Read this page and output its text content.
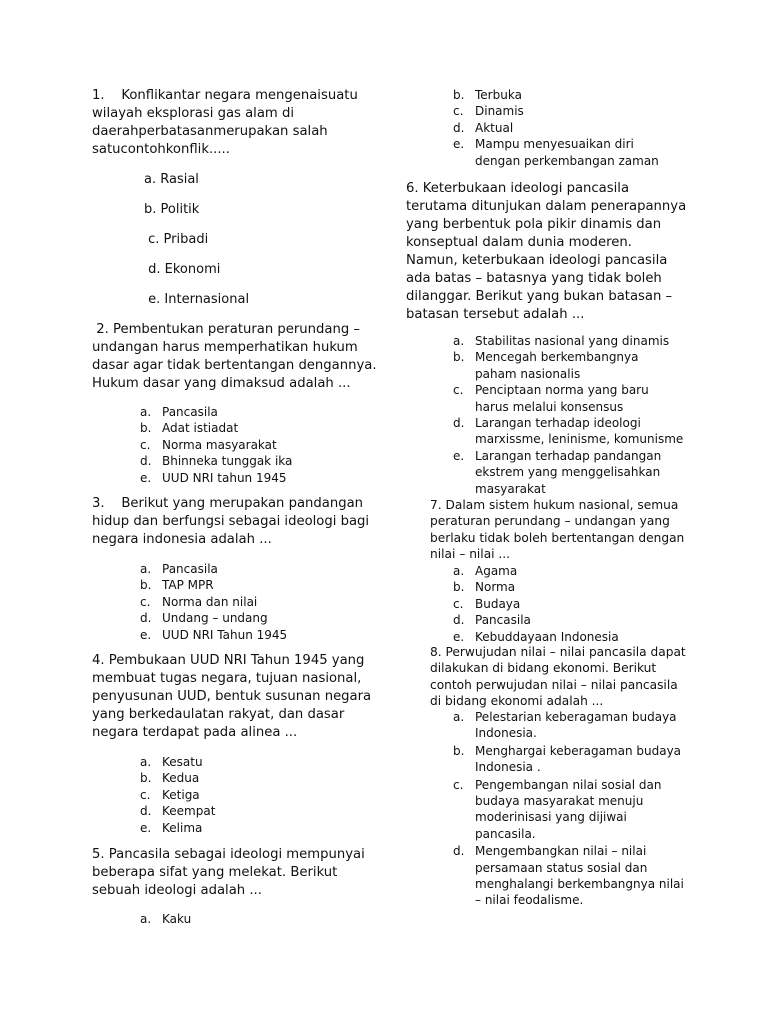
1.    Konflikantar negara mengenaisuatu
wilayah eksplorasi gas alam di
daerahperbatasanmerupakan salah
satucontohkonflik.....
a. Rasial
b. Politik
c. Pribadi
d. Ekonomi
e. Internasional
2. Pembentukan peraturan perundang –
undangan harus memperhatikan hukum
dasar agar tidak bertentangan dengannya.
Hukum dasar yang dimaksud adalah ...
a. Pancasila
b. Adat istiadat
c. Norma masyarakat
d. Bhinneka tunggak ika
e. UUD NRI tahun 1945
3.    Berikut yang merupakan pandangan
hidup dan berfungsi sebagai ideologi bagi
negara indonesia adalah ...
a. Pancasila
b. TAP MPR
c. Norma dan nilai
d. Undang – undang
e. UUD NRI Tahun 1945
4. Pembukaan UUD NRI Tahun 1945 yang
membuat tugas negara, tujuan nasional,
penyusunan UUD, bentuk susunan negara
yang berkedaulatan rakyat, dan dasar
negara terdapat pada alinea ...
a. Kesatu
b. Kedua
c. Ketiga
d. Keempat
e. Kelima
5. Pancasila sebagai ideologi mempunyai
beberapa sifat yang melekat. Berikut
sebuah ideologi adalah ...
a. Kaku
b. Terbuka
c. Dinamis
d. Aktual
e. Mampu menyesuaikan diri
dengan perkembangan zaman
6. Keterbukaan ideologi pancasila
terutama ditunjukan dalam penerapannya
yang berbentuk pola pikir dinamis dan
konseptual dalam dunia moderen.
Namun, keterbukaan ideologi pancasila
ada batas – batasnya yang tidak boleh
dilanggar. Berikut yang bukan batasan –
batasan tersebut adalah ...
a. Stabilitas nasional yang dinamis
b. Mencegah berkembangnya
paham nasionalis
c. Penciptaan norma yang baru
harus melalui konsensus
d. Larangan terhadap ideologi
marxissme, leninisme, komunisme
e. Larangan terhadap pandangan
ekstrem yang menggelisahkan
masyarakat
7. Dalam sistem hukum nasional, semua
peraturan perundang – undangan yang
berlaku tidak boleh bertentangan dengan
nilai – nilai ...
a. Agama
b. Norma
c. Budaya
d. Pancasila
e. Kebuddayaan Indonesia
8. Perwujudan nilai – nilai pancasila dapat
dilakukan di bidang ekonomi. Berikut
contoh perwujudan nilai – nilai pancasila
di bidang ekonomi adalah ...
a. Pelestarian keberagaman budaya
Indonesia.
b. Menghargai keberagaman budaya
Indonesia .
c. Pengembangan nilai sosial dan
budaya masyarakat menuju
moderinisasi yang dijiwai
pancasila.
d. Mengembangkan nilai – nilai
persamaan status sosial dan
menghalangi berkembangnya nilai
– nilai feodalisme.
